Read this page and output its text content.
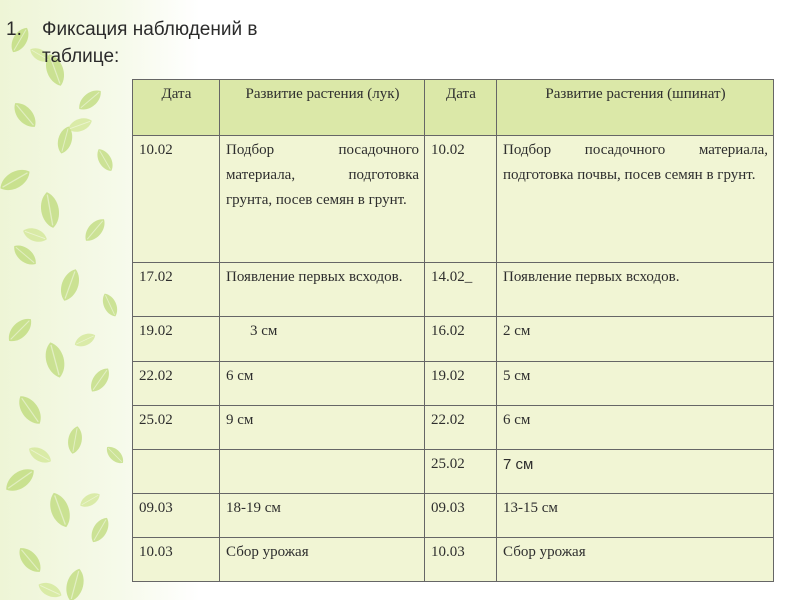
1. Фиксация наблюдений в таблице:
Дата	Развитие растения (лук)	Дата	Развитие растения (шпинат)
10.02	Подбор посадочного материала, подготовка грунта, посев семян в грунт.	10.02	Подбор посадочного материала, подготовка почвы, посев семян в грунт.
17.02	Появление первых всходов.	14.02_	Появление первых всходов.
19.02	3 см	16.02	2 см
22.02	6 см	19.02	5 см
25.02	9 см	22.02	6 см
		25.02	7 см
09.03	18-19 см	09.03	13-15 см
10.03	Сбор урожая	10.03	Сбор урожая
